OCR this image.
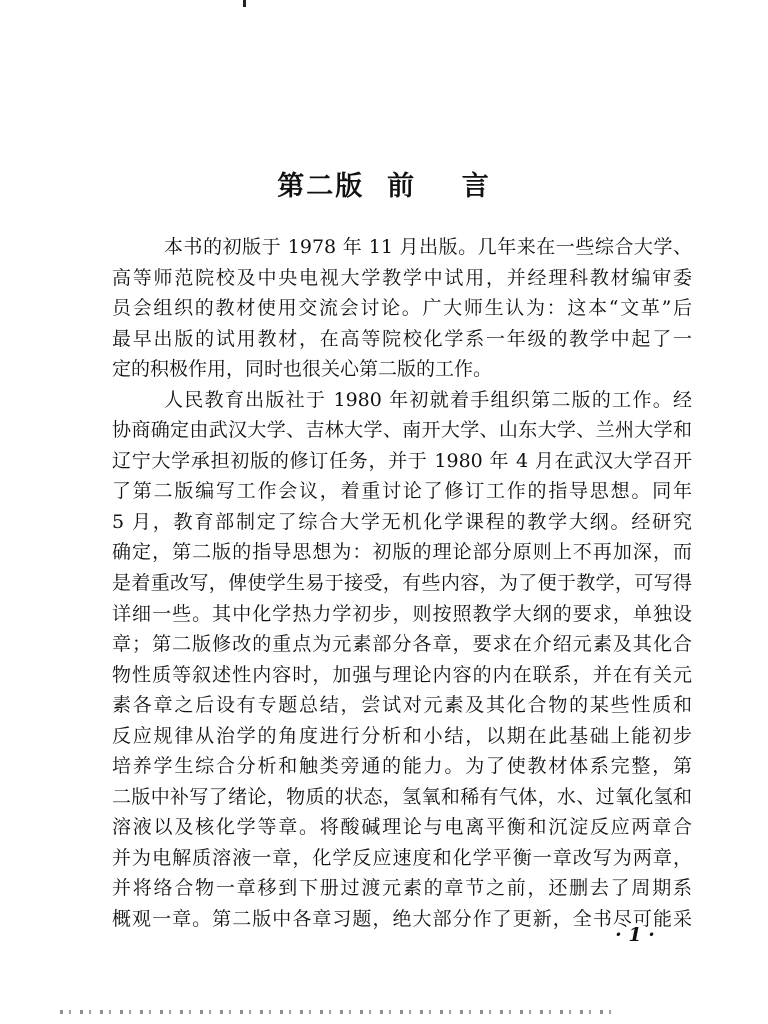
第二版  前    言
本书的初版于 1978 年 11 月出版。几年来在一些综合大学、
高等师范院校及中央电视大学教学中试用，并经理科教材编审委
员会组织的教材使用交流会讨论。广大师生认为：这本“文革”后
最早出版的试用教材，在高等院校化学系一年级的教学中起了一
定的积极作用，同时也很关心第二版的工作。
人民教育出版社于 1980 年初就着手组织第二版的工作。经
协商确定由武汉大学、吉林大学、南开大学、山东大学、兰州大学和
辽宁大学承担初版的修订任务，并于 1980 年 4 月在武汉大学召开
了第二版编写工作会议，着重讨论了修订工作的指导思想。同年
5 月，教育部制定了综合大学无机化学课程的教学大纲。经研究
确定，第二版的指导思想为：初版的理论部分原则上不再加深，而
是着重改写，俾使学生易于接受，有些内容，为了便于教学，可写得
详细一些。其中化学热力学初步，则按照教学大纲的要求，单独设
章；第二版修改的重点为元素部分各章，要求在介绍元素及其化合
物性质等叙述性内容时，加强与理论内容的内在联系，并在有关元
素各章之后设有专题总结，尝试对元素及其化合物的某些性质和
反应规律从治学的角度进行分析和小结，以期在此基础上能初步
培养学生综合分析和触类旁通的能力。为了使教材体系完整，第
二版中补写了绪论，物质的状态，氢氧和稀有气体，水、过氧化氢和
溶液以及核化学等章。将酸碱理论与电离平衡和沉淀反应两章合
并为电解质溶液一章，化学反应速度和化学平衡一章改写为两章，
并将络合物一章移到下册过渡元素的章节之前，还删去了周期系
概观一章。第二版中各章习题，绝大部分作了更新，全书尽可能采
· 1 ·
